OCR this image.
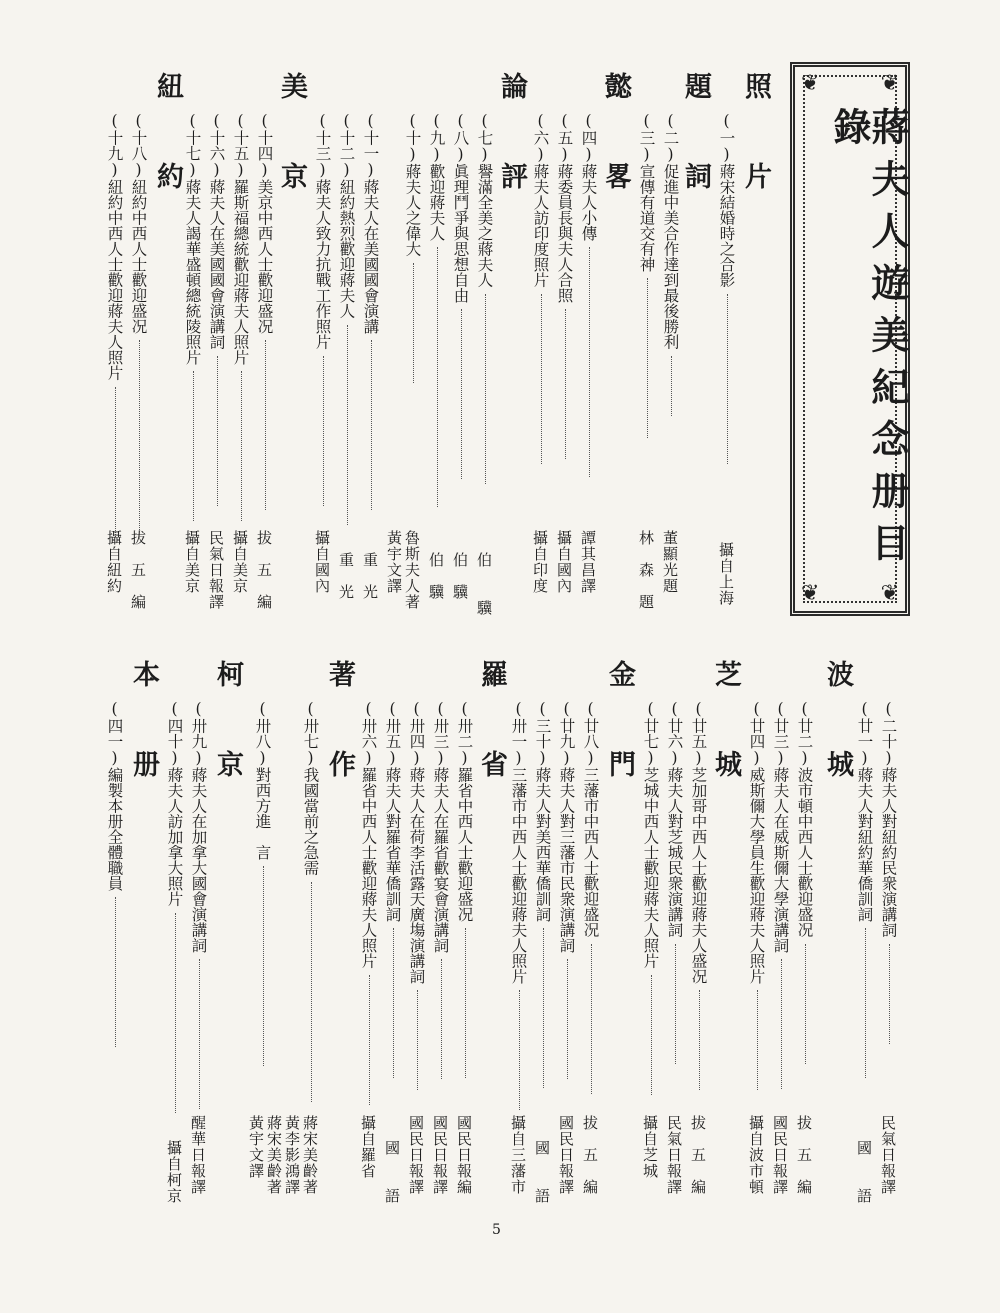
❦	❦
❦	❦
蔣夫人遊美紀念册目錄
照　片
(一)蔣宋結婚時之合影
攝自上海
題　詞
(二)促進中美合作達到最後勝利
董顯光題
(三)宣傳有道交有神
林　森　題
懿　畧
(四)蔣夫人小傳
譚其昌譯
(五)蔣委員長與夫人合照
攝自國內
(六)蔣夫人訪印度照片
攝自印度
論　評
(七)譽滿全美之蔣夫人
伯　　驥
(八)眞理鬥爭與思想自由
伯　驥
(九)歡迎蔣夫人
伯　驥
(十)蔣夫人之偉大
魯斯夫人著
黃宇文譯
(十一)蔣夫人在美國國會演講
重　光
(十二)紐約熱烈歡迎蔣夫人
重　光
(十三)蔣夫人致力抗戰工作照片
攝自國內
美　京
(十四)美京中西人士歡迎盛况
拔　五　編
(十五)羅斯福總統歡迎蔣夫人照片
攝自美京
(十六)蔣夫人在美國國會演講詞
民氣日報譯
(十七)蔣夫人謁華盛頓總統陵照片
攝自美京
紐　約
(十八)紐約中西人士歡迎盛况
拔　五　編
(十九)紐約中西人士歡迎蔣夫人照片
攝自紐約
波　城 (二十)蔣夫人對紐約民衆演講詞
民氣日報譯
(廿一)蔣夫人對紐約華僑訓詞
國　　語
(廿二)波市頓中西人士歡迎盛况
拔　五　編
(廿三)蔣夫人在威斯儞大學演講詞
國民日報譯
(廿四)威斯儞大學員生歡迎蔣夫人照片
攝自波市頓
芝　城
(廿五)芝加哥中西人士歡迎蔣夫人盛况
拔　五　編
(廿六)蔣夫人對芝城民衆演講詞
民氣日報譯
(廿七)芝城中西人士歡迎蔣夫人照片
攝自芝城
金　門
(廿八)三藩市中西人士歡迎盛况
拔　五　編
(廿九)蔣夫人對三藩市民衆演講詞
國民日報譯
(三十)蔣夫人對美西華僑訓詞
國　　語
(卅一)三藩市中西人士歡迎蔣夫人照片
攝自三藩市
羅　省
(卅二)羅省中西人士歡迎盛况
國民日報編
(卅三)蔣夫人在羅省歡宴會演講詞
國民日報譯
(卅四)蔣夫人在荷李活露天廣塲演講詞
國民日報譯
(卅五)蔣夫人對羅省華僑訓詞
國　　語
(卅六)羅省中西人士歡迎蔣夫人照片
攝自羅省
著　作
(卅七)我國當前之急需
蔣宋美齡著
黃李影鴻譯
(卅八)對西方進　言
蔣宋美齡著
黃宇文譯
柯　京
(卅九)蔣夫人在加拿大國會演講詞
醒華日報譯
(四十)蔣夫人訪加拿大照片
攝自柯京
本　册
(四一)編製本册全體職員
5
